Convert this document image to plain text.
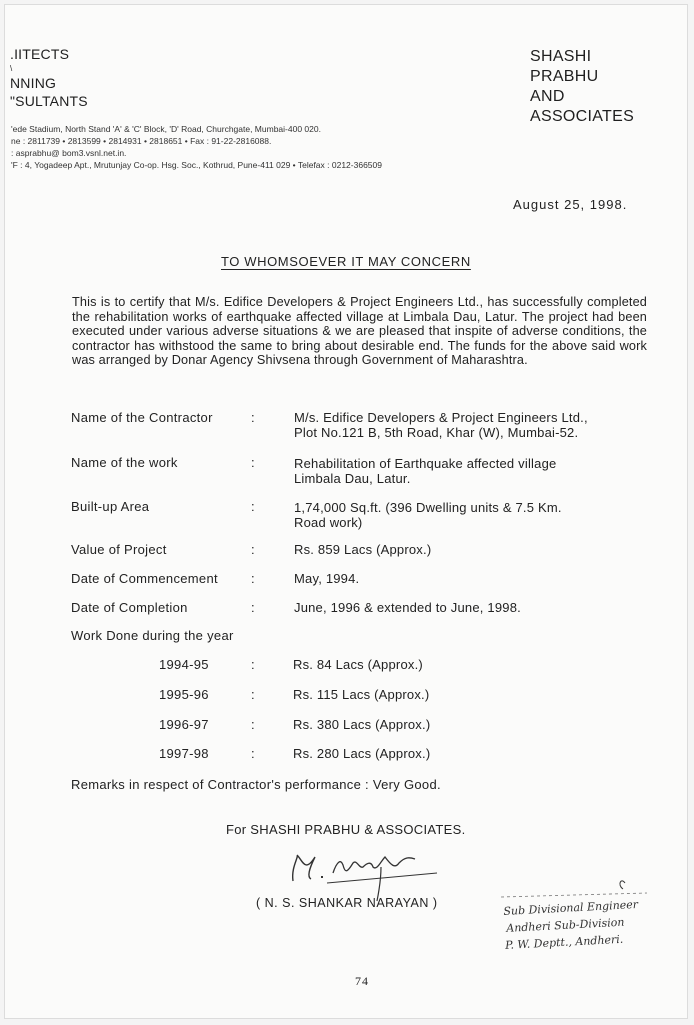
.IITECTS
\
NNING
"SULTANTS
SHASHI
PRABHU
AND
ASSOCIATES
'ede Stadium, North Stand 'A' & 'C' Block, 'D' Road, Churchgate, Mumbai-400 020.
ne : 2811739 • 2813599 • 2814931 • 2818651 • Fax : 91-22-2816088.
: asprabhu@ bom3.vsnl.net.in.
'F : 4, Yogadeep Apt., Mrutunjay Co-op. Hsg. Soc., Kothrud, Pune-411 029 • Telefax : 0212-366509
August 25, 1998.
TO WHOMSOEVER IT MAY CONCERN
This is to certify that M/s. Edifice Developers & Project Engineers Ltd., has successfully completed the rehabilitation works of earthquake affected village at Limbala Dau, Latur. The project had been executed under various adverse situations & we are pleased that inspite of adverse conditions, the contractor has withstood the same to bring about desirable end. The funds for the above said work was arranged by Donar Agency Shivsena through Government of Maharashtra.
Name of the Contractor	:	M/s. Edifice Developers & Project Engineers Ltd.,
Plot No.121 B, 5th Road, Khar (W), Mumbai-52.
Name of the work	:	Rehabilitation of Earthquake affected village
Limbala Dau, Latur.
Built-up Area	:	1,74,000 Sq.ft. (396 Dwelling units & 7.5 Km.
Road work)
Value of Project	:	Rs. 859 Lacs (Approx.)
Date of Commencement	:	May, 1994.
Date of Completion	:	June, 1996 & extended to June, 1998.
Work Done during the year
1994-95	:	Rs. 84 Lacs (Approx.)
1995-96	:	Rs. 115 Lacs (Approx.)
1996-97	:	Rs. 380 Lacs (Approx.)
1997-98	:	Rs. 280 Lacs (Approx.)
Remarks in respect of Contractor's performance : Very Good.
For SHASHI PRABHU & ASSOCIATES.
( N. S. SHANKAR NARAYAN )	Sub Divisional Engineer
Andheri Sub-Division
P. W. Deptt., Andheri.
74
